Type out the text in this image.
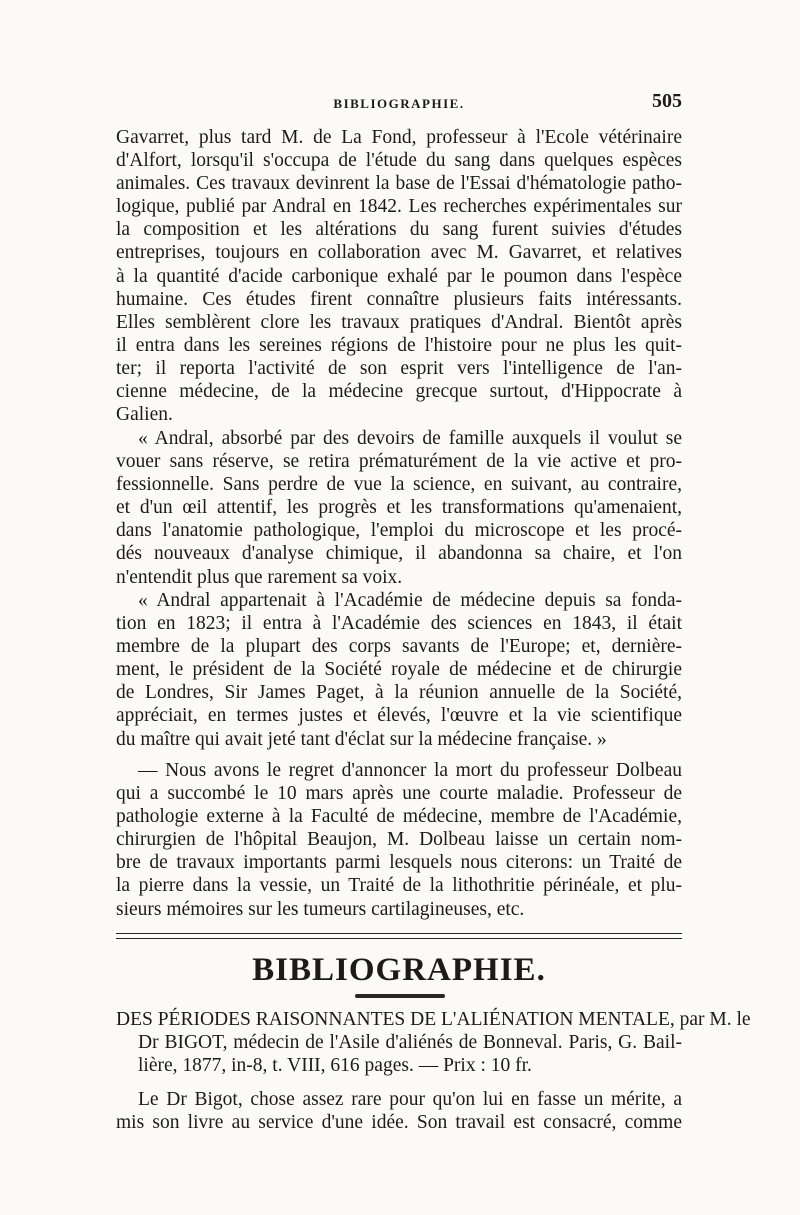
BIBLIOGRAPHIE.	505
Gavarret, plus tard M. de La Fond, professeur à l'Ecole vétérinaire
d'Alfort, lorsqu'il s'occupa de l'étude du sang dans quelques espèces
animales. Ces travaux devinrent la base de l'Essai d'hématologie patho-
logique, publié par Andral en 1842. Les recherches expérimentales sur
la composition et les altérations du sang furent suivies d'études
entreprises, toujours en collaboration avec M. Gavarret, et relatives
à la quantité d'acide carbonique exhalé par le poumon dans l'espèce
humaine. Ces études firent connaître plusieurs faits intéressants.
Elles semblèrent clore les travaux pratiques d'Andral. Bientôt après
il entra dans les sereines régions de l'histoire pour ne plus les quit-
ter; il reporta l'activité de son esprit vers l'intelligence de l'an-
cienne médecine, de la médecine grecque surtout, d'Hippocrate à
Galien.
« Andral, absorbé par des devoirs de famille auxquels il voulut se
vouer sans réserve, se retira prématurément de la vie active et pro-
fessionnelle. Sans perdre de vue la science, en suivant, au contraire,
et d'un œil attentif, les progrès et les transformations qu'amenaient,
dans l'anatomie pathologique, l'emploi du microscope et les procé-
dés nouveaux d'analyse chimique, il abandonna sa chaire, et l'on
n'entendit plus que rarement sa voix.
« Andral appartenait à l'Académie de médecine depuis sa fonda-
tion en 1823; il entra à l'Académie des sciences en 1843, il était
membre de la plupart des corps savants de l'Europe; et, dernière-
ment, le président de la Société royale de médecine et de chirurgie
de Londres, Sir James Paget, à la réunion annuelle de la Société,
appréciait, en termes justes et élevés, l'œuvre et la vie scientifique
du maître qui avait jeté tant d'éclat sur la médecine française. »
— Nous avons le regret d'annoncer la mort du professeur Dolbeau
qui a succombé le 10 mars après une courte maladie. Professeur de
pathologie externe à la Faculté de médecine, membre de l'Académie,
chirurgien de l'hôpital Beaujon, M. Dolbeau laisse un certain nom-
bre de travaux importants parmi lesquels nous citerons: un Traité de
la pierre dans la vessie, un Traité de la lithothritie périnéale, et plu-
sieurs mémoires sur les tumeurs cartilagineuses, etc.
BIBLIOGRAPHIE.
DES PÉRIODES RAISONNANTES DE L'ALIÉNATION MENTALE, par M. le
Dr BIGOT, médecin de l'Asile d'aliénés de Bonneval. Paris, G. Bail-
lière, 1877, in-8, t. VIII, 616 pages. — Prix : 10 fr.
Le Dr Bigot, chose assez rare pour qu'on lui en fasse un mérite, a
mis son livre au service d'une idée. Son travail est consacré, comme
